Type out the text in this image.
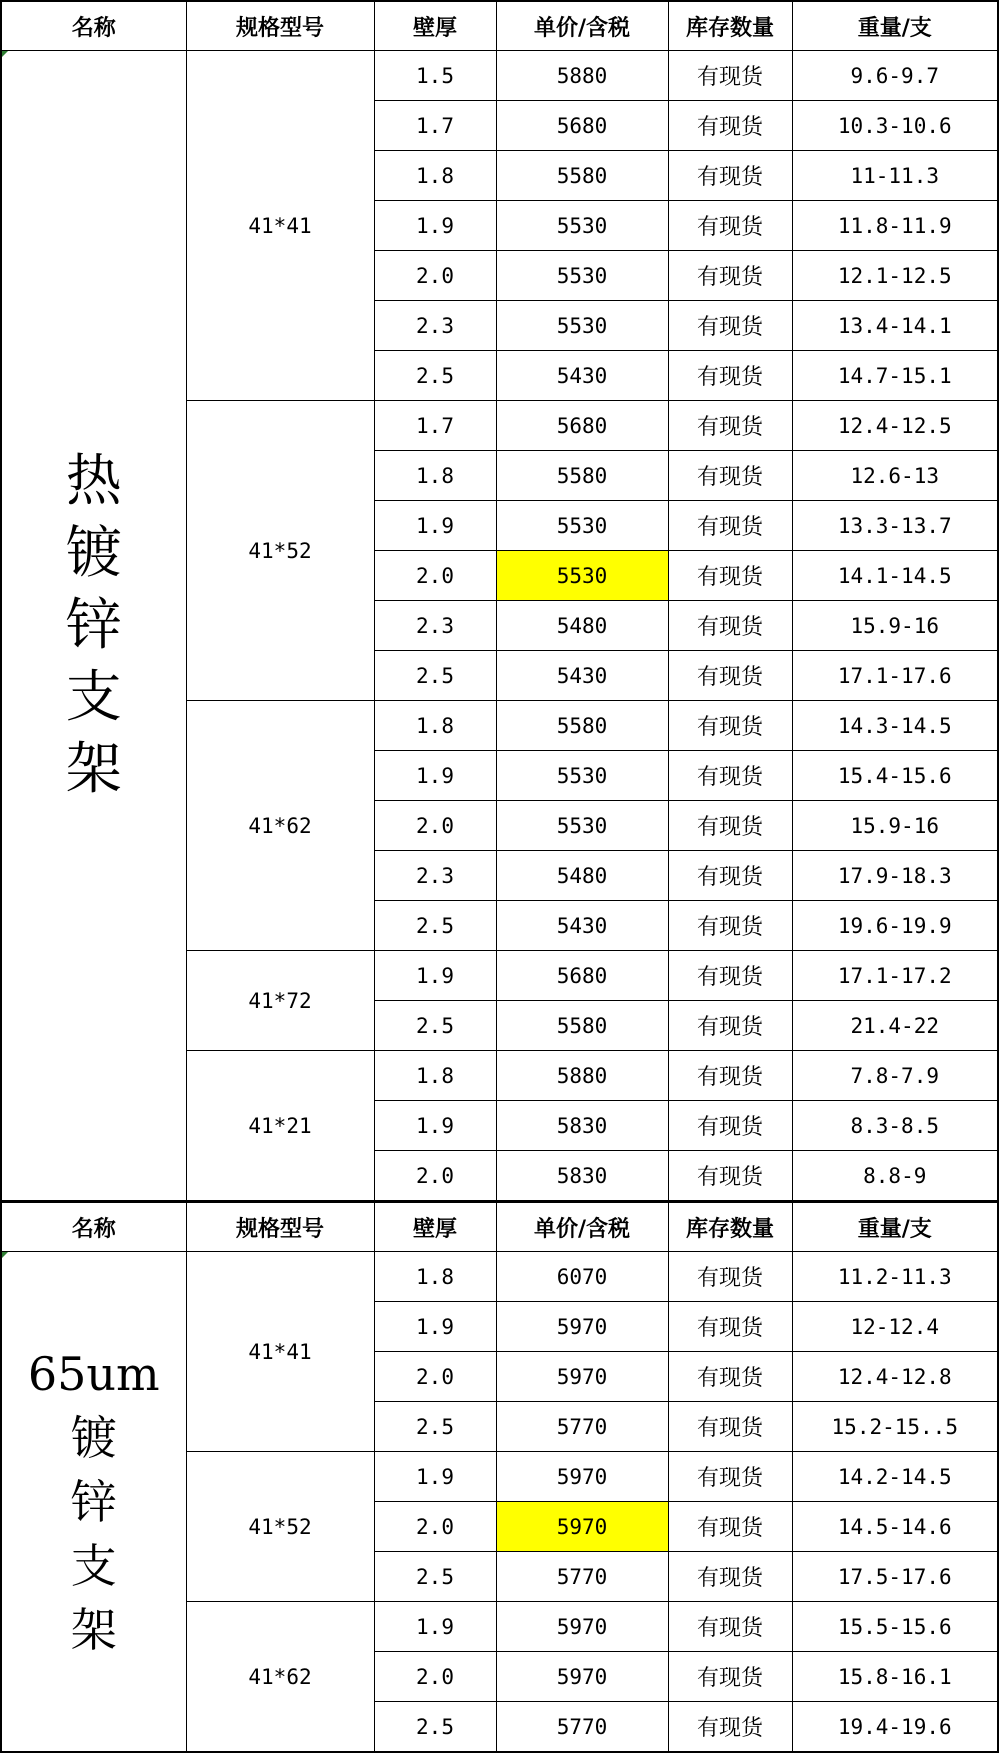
名称	规格型号	壁厚	单价/含税	库存数量	重量/支

热
镀
锌
支
架	41*41	1.5	5880	有现货	9.6-9.7
		1.7	5680	有现货	10.3-10.6
		1.8	5580	有现货	11-11.3
		1.9	5530	有现货	11.8-11.9
		2.0	5530	有现货	12.1-12.5
		2.3	5530	有现货	13.4-14.1
		2.5	5430	有现货	14.7-15.1
	41*52	1.7	5680	有现货	12.4-12.5
		1.8	5580	有现货	12.6-13
		1.9	5530	有现货	13.3-13.7
		2.0	5530	有现货	14.1-14.5
		2.3	5480	有现货	15.9-16
		2.5	5430	有现货	17.1-17.6
	41*62	1.8	5580	有现货	14.3-14.5
		1.9	5530	有现货	15.4-15.6
		2.0	5530	有现货	15.9-16
		2.3	5480	有现货	17.9-18.3
		2.5	5430	有现货	19.6-19.9
	41*72	1.9	5680	有现货	17.1-17.2
		2.5	5580	有现货	21.4-22
	41*21	1.8	5880	有现货	7.8-7.9
		1.9	5830	有现货	8.3-8.5
		2.0	5830	有现货	8.8-9
名称	规格型号	壁厚	单价/含税	库存数量	重量/支

65um
镀
锌
支
架	41*41	1.8	6070	有现货	11.2-11.3
		1.9	5970	有现货	12-12.4
		2.0	5970	有现货	12.4-12.8
		2.5	5770	有现货	15.2-15..5
	41*52	1.9	5970	有现货	14.2-14.5
		2.0	5970	有现货	14.5-14.6
		2.5	5770	有现货	17.5-17.6
	41*62	1.9	5970	有现货	15.5-15.6
		2.0	5970	有现货	15.8-16.1
		2.5	5770	有现货	19.4-19.6
